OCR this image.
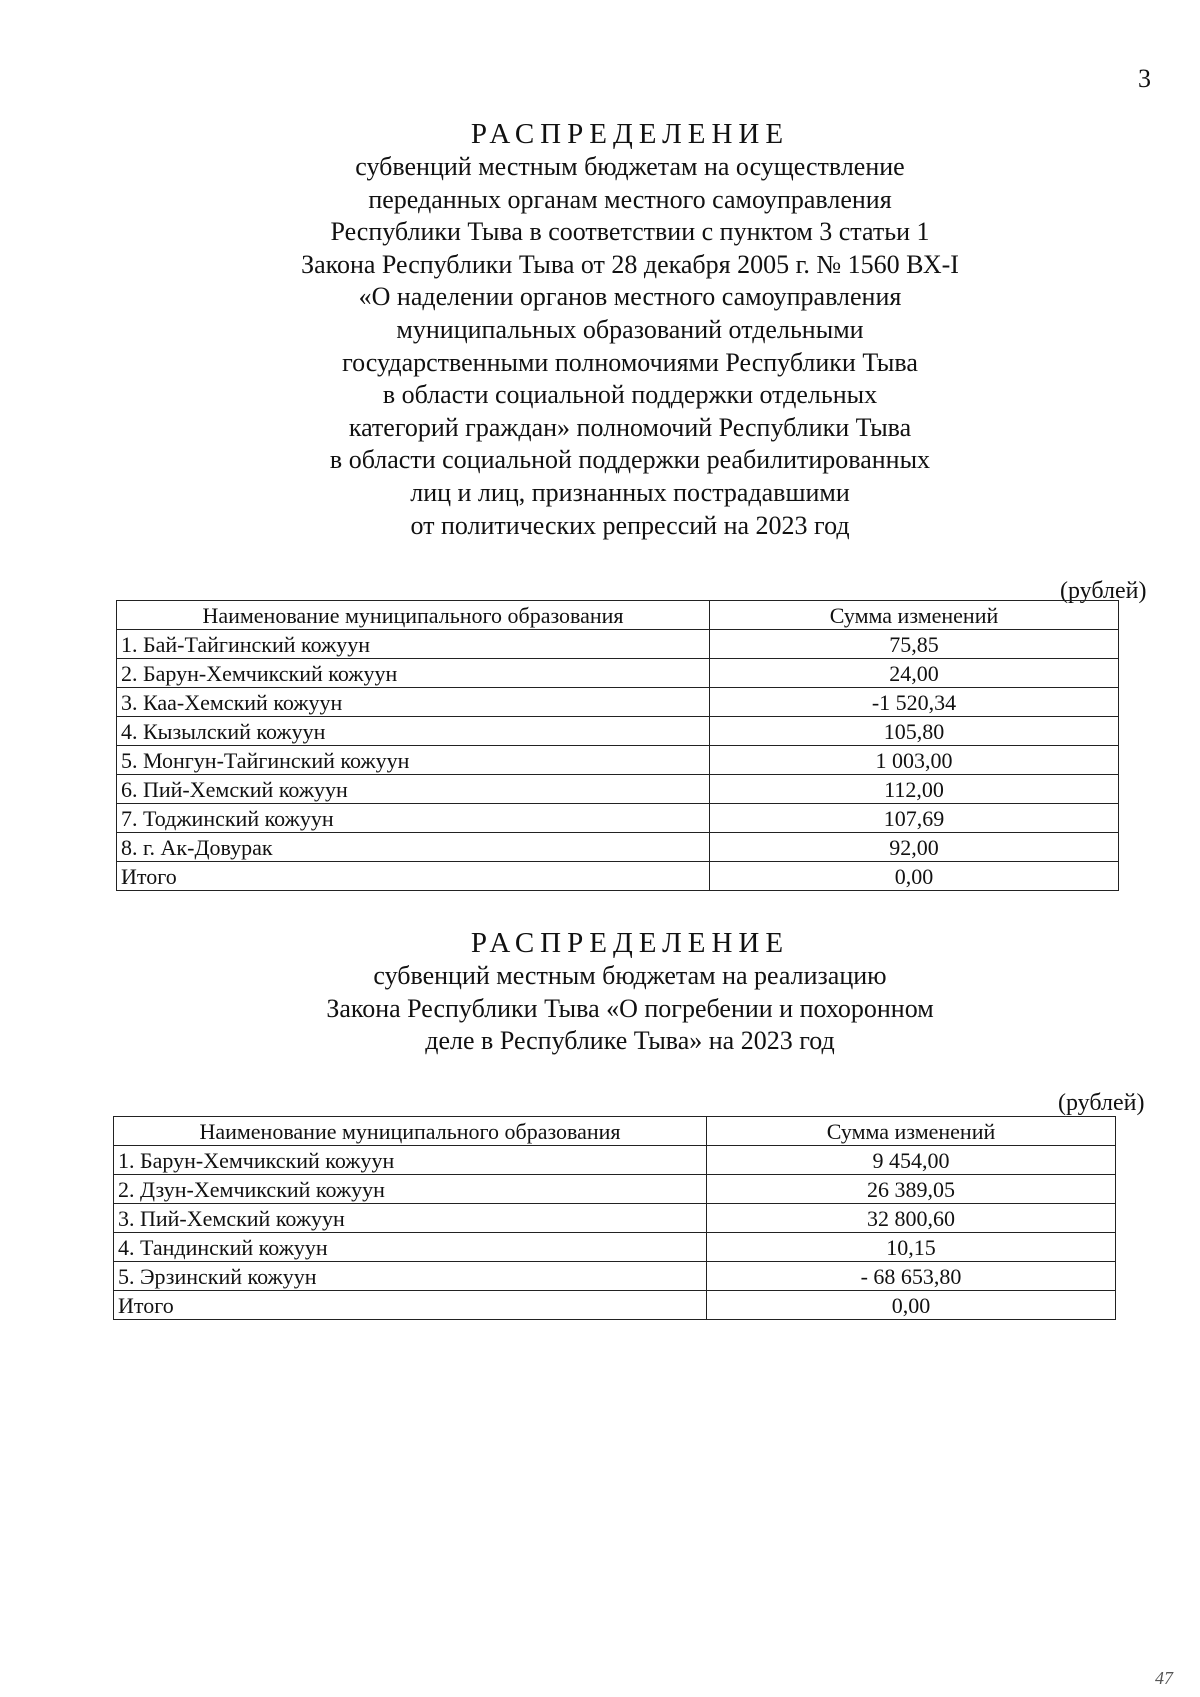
3
РАСПРЕДЕЛЕНИЕ
субвенций местным бюджетам на осуществление
переданных органам местного самоуправления
Республики Тыва в соответствии с пунктом 3 статьи 1
Закона Республики Тыва от 28 декабря 2005 г. № 1560 ВХ-I
«О наделении органов местного самоуправления
муниципальных образований отдельными
государственными полномочиями Республики Тыва
в области социальной поддержки отдельных
категорий граждан» полномочий Республики Тыва
в области социальной поддержки реабилитированных
лиц и лиц, признанных пострадавшими
от политических репрессий на 2023 год
(рублей)
Наименование муниципального образования	Сумма изменений
1. Бай-Тайгинский кожуун	75,85
2. Барун-Хемчикский кожуун	24,00
3. Каа-Хемский кожуун	-1 520,34
4. Кызылский кожуун	105,80
5. Монгун-Тайгинский кожуун	1 003,00
6. Пий-Хемский кожуун	112,00
7. Тоджинский кожуун	107,69
8. г. Ак-Довурак	92,00
Итого	0,00
РАСПРЕДЕЛЕНИЕ
субвенций местным бюджетам на реализацию
Закона Республики Тыва «О погребении и похоронном
деле в Республике Тыва» на 2023 год
(рублей)
Наименование муниципального образования	Сумма изменений
1. Барун-Хемчикский кожуун	9 454,00
2. Дзун-Хемчикский кожуун	26 389,05
3. Пий-Хемский кожуун	32 800,60
4. Тандинский кожуун	10,15
5. Эрзинский кожуун	- 68 653,80
Итого	0,00
47
